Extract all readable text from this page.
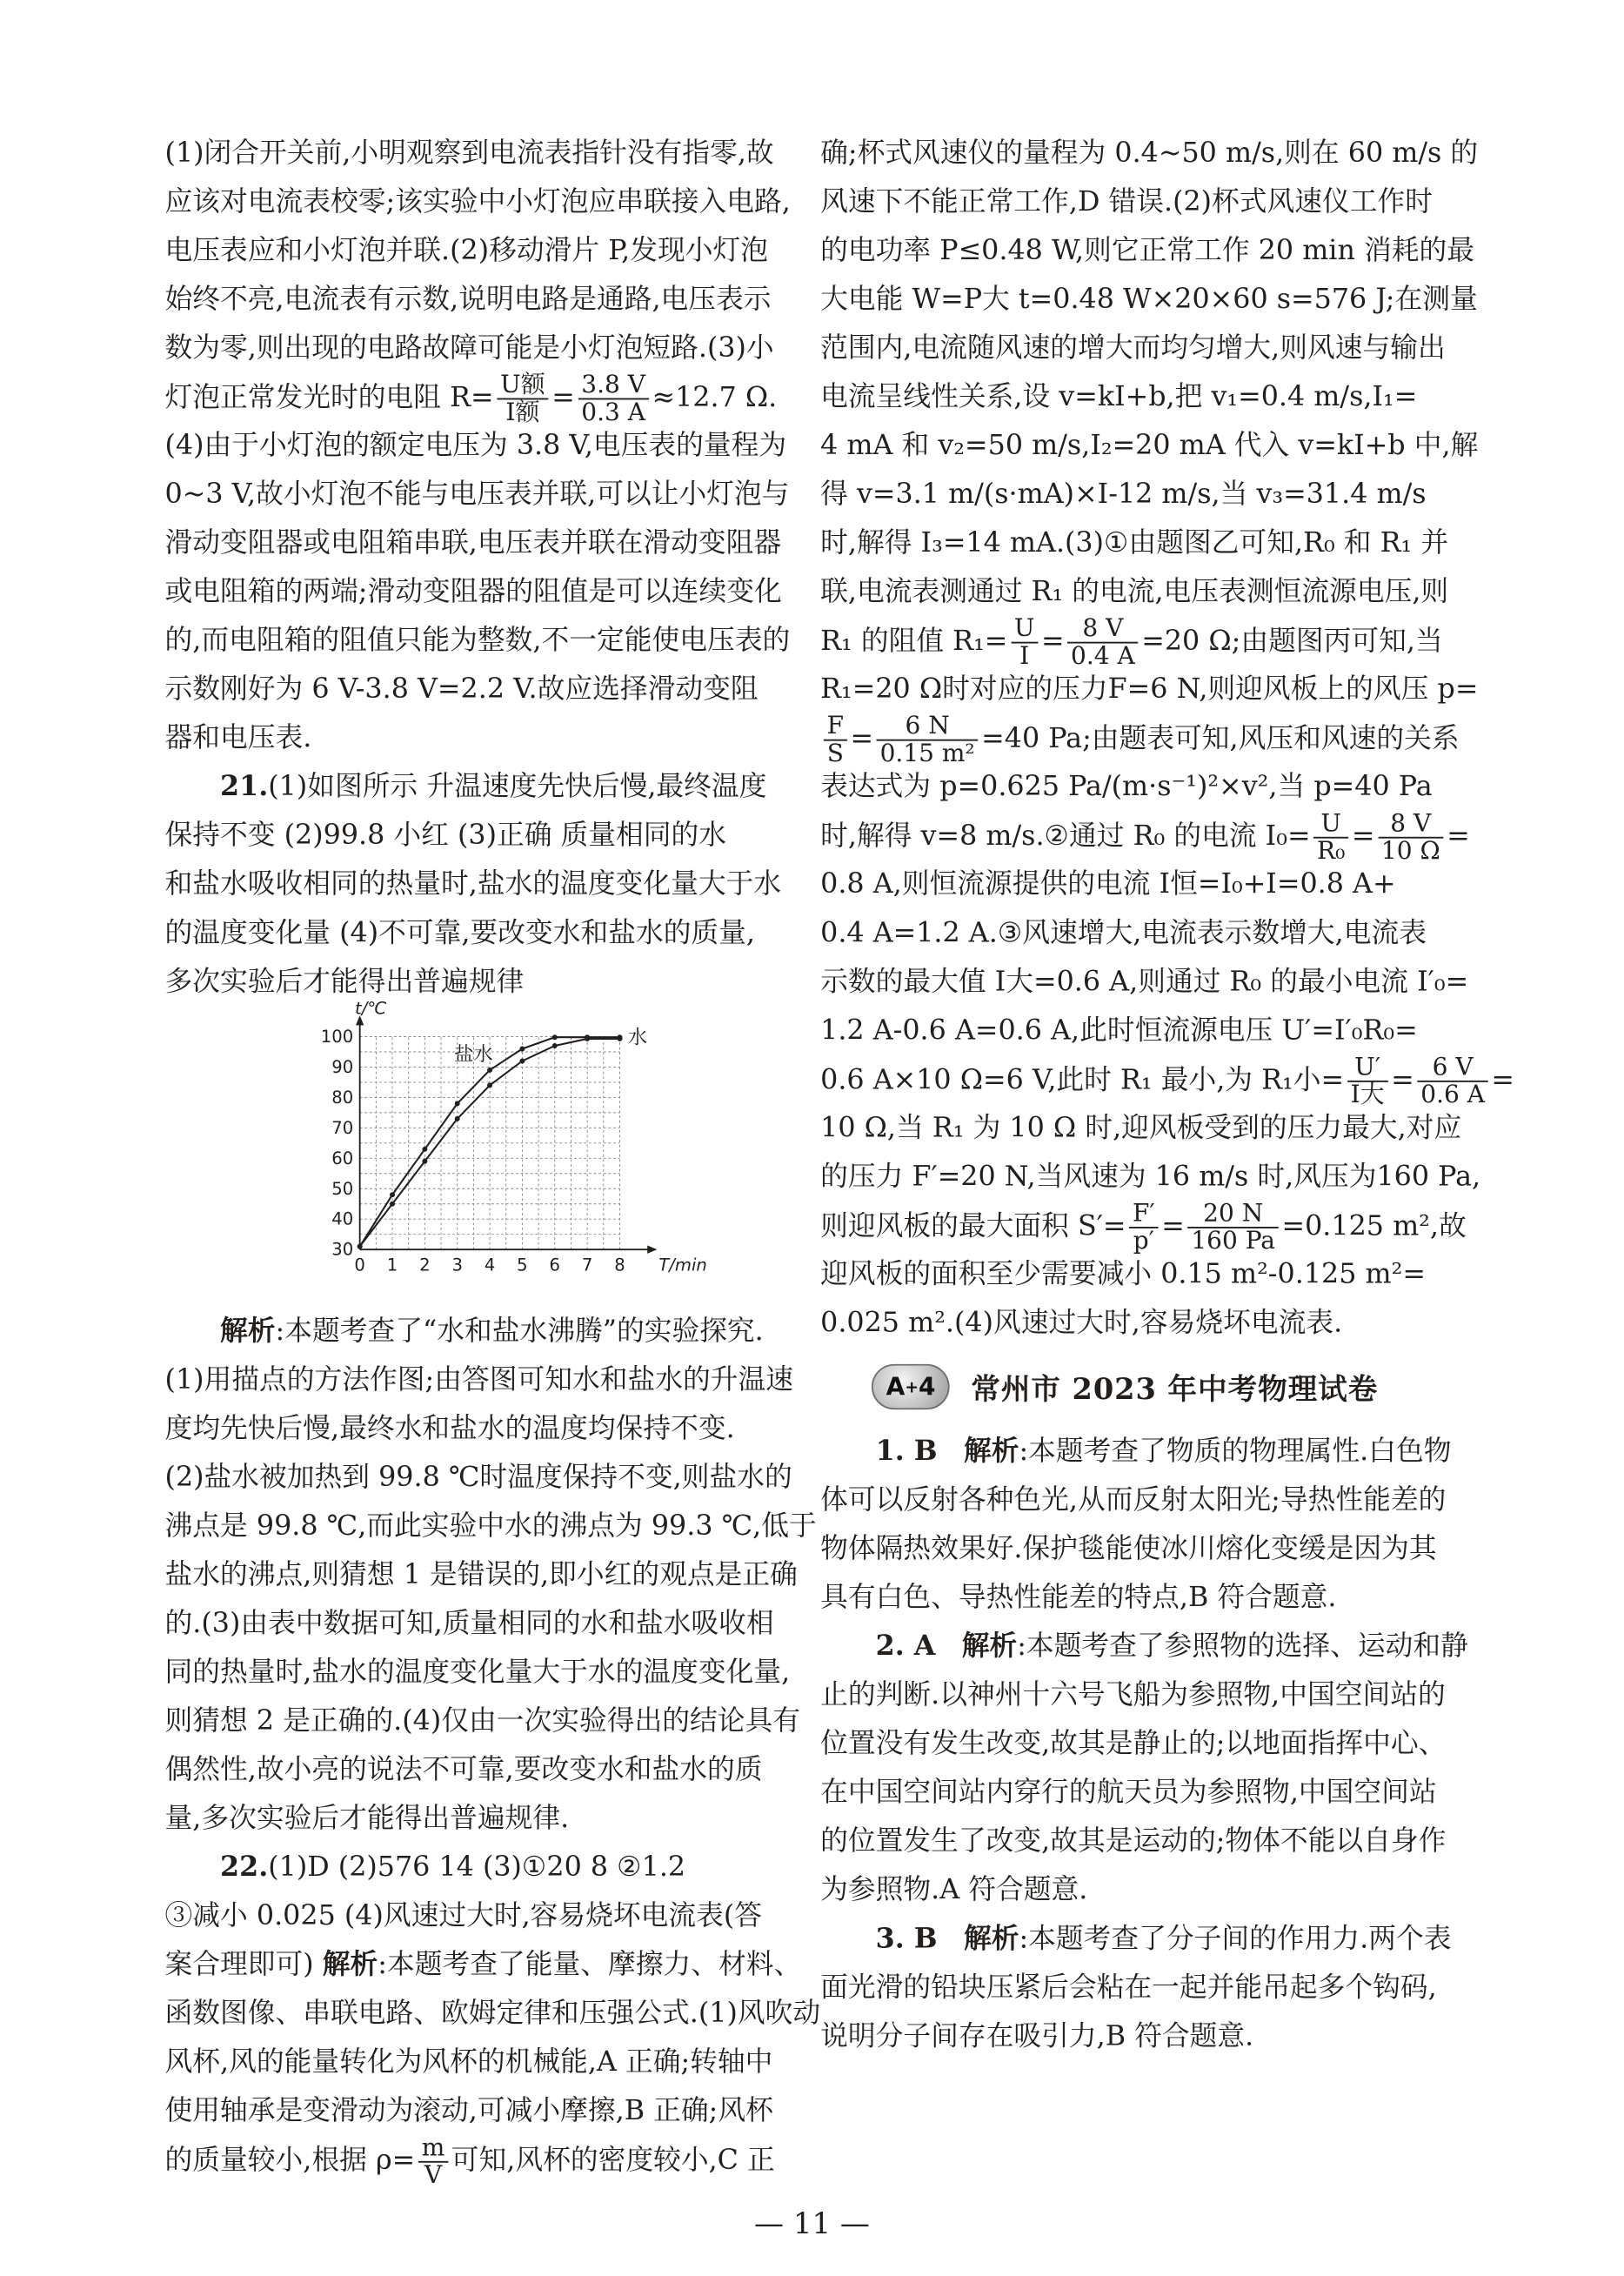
(1)闭合开关前,小明观察到电流表指针没有指零,故
应该对电流表校零;该实验中小灯泡应串联接入电路,
电压表应和小灯泡并联.(2)移动滑片 P,发现小灯泡
始终不亮,电流表有示数,说明电路是通路,电压表示
数为零,则出现的电路故障可能是小灯泡短路.(3)小
灯泡正常发光时的电阻 $R= \frac{\text{U额}}{\text{I额}} = \frac{3.8 V}{0.3 A} \approx 12.7$ Ω.
(4)由于小灯泡的额定电压为 3.8 V,电压表的量程为
0~3 V,故小灯泡不能与电压表并联,可以让小灯泡与
滑动变阻器或电阻箱串联,电压表并联在滑动变阻器
或电阻箱的两端;滑动变阻器的阻值是可以连续变化
的,而电阻箱的阻值只能为整数,不一定能使电压表的
示数刚好为 6 V-3.8 V=2.2 V.故应选择滑动变阻
器和电压表.
21.(1)如图所示 升温速度先快后慢,最终温度
保持不变 (2)99.8 小红 (3)正确 质量相同的水
和盐水吸收相同的热量时,盐水的温度变化量大于水
的温度变化量 (4)不可靠,要改变水和盐水的质量,
多次实验后才能得出普遍规律
0 1 2 3 4 5 6 7 8
30
40
50
60
70
80
90
100
T/min
t/℃
水
盐水
解析:本题考查了“水和盐水沸腾”的实验探究.
(1)用描点的方法作图;由答图可知水和盐水的升温速
度均先快后慢,最终水和盐水的温度均保持不变.
(2)盐水被加热到 99.8 ℃时温度保持不变,则盐水的
沸点是 99.8 ℃,而此实验中水的沸点为 99.3 ℃,低于
盐水的沸点,则猜想 1 是错误的,即小红的观点是正确
的.(3)由表中数据可知,质量相同的水和盐水吸收相
同的热量时,盐水的温度变化量大于水的温度变化量,
则猜想 2 是正确的.(4)仅由一次实验得出的结论具有
偶然性,故小亮的说法不可靠,要改变水和盐水的质
量,多次实验后才能得出普遍规律.
22.(1)D (2)576 14 (3)①20 8 ②1.2
③减小 0.025 (4)风速过大时,容易烧坏电流表(答
案合理即可) 解析:本题考查了能量、摩擦力、材料、
函数图像、串联电路、欧姆定律和压强公式.(1)风吹动
风杯,风的能量转化为风杯的机械能,A 正确;转轴中
使用轴承是变滑动为滚动,可减小摩擦,B 正确;风杯
的质量较小,根据 $\rho= \frac{m}{V}$ 可知,风杯的密度较小,C 正
确;杯式风速仪的量程为 0.4~50 m/s,则在 60 m/s 的
风速下不能正常工作,D 错误.(2)杯式风速仪工作时
的电功率 P≤0.48 W,则它正常工作 20 min 消耗的最
大电能 W=P大 t=0.48 W×20×60 s=576 J;在测量
范围内,电流随风速的增大而均匀增大,则风速与输出
电流呈线性关系,设 v=kI+b,把 v₁=0.4 m/s,I₁=
4 mA 和 v₂=50 m/s,I₂=20 mA 代入 v=kI+b 中,解
得 v=3.1 m/(s·mA)×I-12 m/s,当 v₃=31.4 m/s
时,解得 I₃=14 mA.(3)①由题图乙可知,R₀ 和 R₁ 并
联,电流表测通过 R₁ 的电流,电压表测恒流源电压,则
R₁ 的阻值 $R_1= \frac{U}{I} = \frac{8 V}{0.4 A} =20$ Ω;由题图丙可知,当
R₁=20 Ω时对应的压力F=6 N,则迎风板上的风压 p=
$\frac{F}{S} = \frac{6 N}{\text{0.15 m²}} =40$ Pa;由题表可知,风压和风速的关系
表达式为 p=0.625 Pa/(m·s⁻¹)²×v²,当 p=40 Pa
时,解得 v=8 m/s.②通过 R₀ 的电流 $I_0= \frac{U}{\text{R₀}} = \frac{8 V}{10 \Omega}$ =
0.8 A,则恒流源提供的电流 I恒=I₀+I=0.8 A+
0.4 A=1.2 A.③风速增大,电流表示数增大,电流表
示数的最大值 I大=0.6 A,则通过 R₀ 的最小电流 I′₀=
1.2 A-0.6 A=0.6 A,此时恒流源电压 U′=I′₀R₀=
0.6 A×10 Ω=6 V,此时 R₁ 最小,为 R₁小= $\frac{U'}{\text{I大}} = \frac{6 V}{0.6 A}$ =
10 Ω,当 R₁ 为 10 Ω 时,迎风板受到的压力最大,对应
的压力 F′=20 N,当风速为 16 m/s 时,风压为160 Pa,
则迎风板的最大面积 $S'= \frac{F'}{p'} = \frac{20 N}{160 Pa} =0.125$ m²,故
迎风板的面积至少需要减小 0.15 m²-0.125 m²=
0.025 m².(4)风速过大时,容易烧坏电流表.
A + 4 常州市 2023 年中考物理试卷
1. B 解析:本题考查了物质的物理属性.白色物
体可以反射各种色光,从而反射太阳光;导热性能差的
物体隔热效果好.保护毯能使冰川熔化变缓是因为其
具有白色、导热性能差的特点,B 符合题意.
2. A 解析:本题考查了参照物的选择、运动和静
止的判断.以神州十六号飞船为参照物,中国空间站的
位置没有发生改变,故其是静止的;以地面指挥中心、
在中国空间站内穿行的航天员为参照物,中国空间站
的位置发生了改变,故其是运动的;物体不能以自身作
为参照物.A 符合题意.
3. B 解析:本题考查了分子间的作用力.两个表
面光滑的铅块压紧后会粘在一起并能吊起多个钩码,
说明分子间存在吸引力,B 符合题意.
— 11 —
